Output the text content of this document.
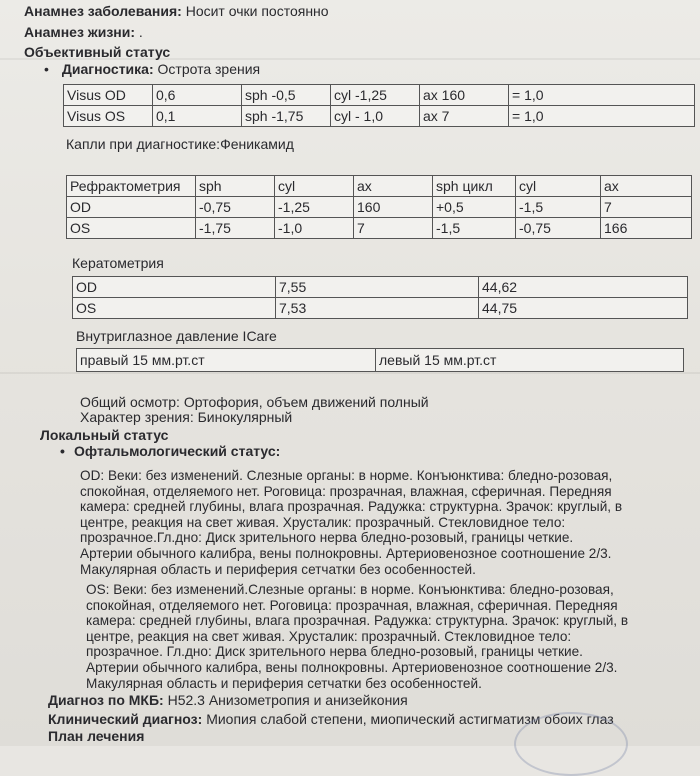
Анамнез заболевания: Носит очки постоянно
Анамнез жизни: .
Объективный статус
• Диагностика: Острота зрения
Visus OD	0,6	sph -0,5	cyl -1,25	ax 160	= 1,0
Visus OS	0,1	sph -1,75	cyl - 1,0	ax 7	= 1,0
Капли при диагностике:Феникамид
Рефрактометрия	sph	cyl	ax	sph цикл	cyl	ax
OD	-0,75	-1,25	160	+0,5	-1,5	7
OS	-1,75	-1,0	7	-1,5	-0,75	166
Кератометрия
OD	7,55	44,62
OS	7,53	44,75
Внутриглазное давление ICare
правый 15 мм.рт.ст	левый 15 мм.рт.ст
Общий осмотр: Ортофория, объем движений полный
Характер зрения: Бинокулярный
Локальный статус
• Офтальмологический статус:
OD: Веки: без изменений. Слезные органы: в норме. Конъюнктива: бледно-розовая,
спокойная, отделяемого нет. Роговица: прозрачная, влажная, сферичная. Передняя
камера: средней глубины, влага прозрачная. Радужка: структурна. Зрачок: круглый, в
центре, реакция на свет живая. Хрусталик: прозрачный. Стекловидное тело:
прозрачное.Гл.дно: Диск зрительного нерва бледно-розовый, границы четкие.
Артерии обычного калибра, вены полнокровны. Артериовенозное соотношение 2/3.
Макулярная область и периферия сетчатки без особенностей.
OS: Веки: без изменений.Слезные органы: в норме. Конъюнктива: бледно-розовая,
спокойная, отделяемого нет. Роговица: прозрачная, влажная, сферичная. Передняя
камера: средней глубины, влага прозрачная. Радужка: структурна. Зрачок: круглый, в
центре, реакция на свет живая. Хрусталик: прозрачный. Стекловидное тело:
прозрачное. Гл.дно: Диск зрительного нерва бледно-розовый, границы четкие.
Артерии обычного калибра, вены полнокровны. Артериовенозное соотношение 2/3.
Макулярная область и периферия сетчатки без особенностей.
Диагноз по МКБ: H52.3 Анизометропия и анизейкония
Клинический диагноз: Миопия слабой степени, миопический астигматизм обоих глаз
План лечения
